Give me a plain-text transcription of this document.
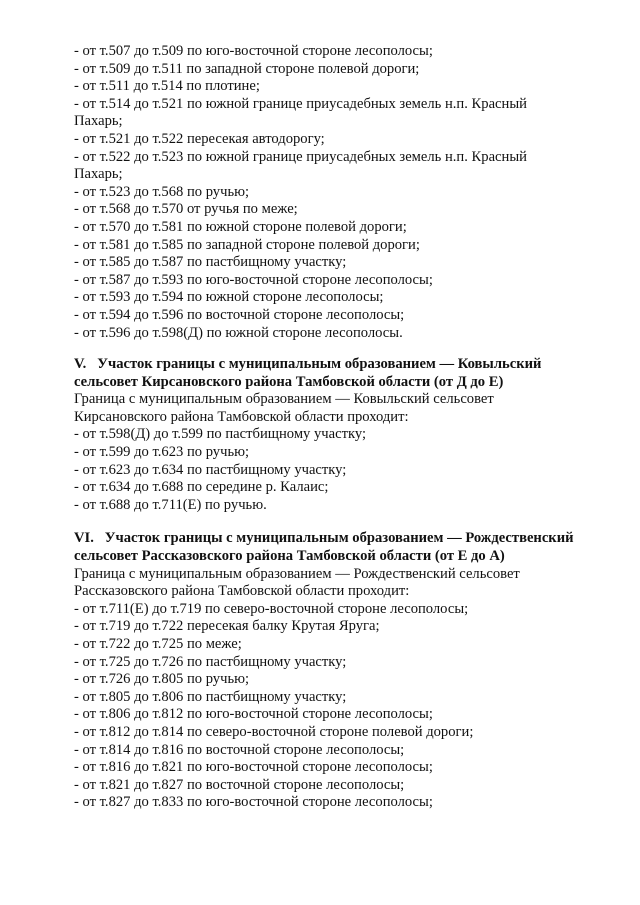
- от т.507 до т.509 по юго-восточной стороне лесополосы;
- от т.509 до т.511 по западной стороне полевой дороги;
- от т.511 до т.514 по плотине;
- от т.514 до т.521 по южной границе приусадебных земель н.п. Красный Пахарь;
- от т.521 до т.522 пересекая автодорогу;
- от т.522 до т.523 по южной границе приусадебных земель н.п. Красный Пахарь;
- от т.523 до т.568 по ручью;
- от т.568 до т.570 от ручья по меже;
- от т.570 до т.581 по южной стороне полевой дороги;
- от т.581 до т.585 по западной стороне полевой дороги;
- от т.585 до т.587 по пастбищному участку;
- от т.587 до т.593 по юго-восточной стороне лесополосы;
- от т.593 до т.594 по южной стороне лесополосы;
- от т.594 до т.596 по восточной стороне лесополосы;
- от т.596 до т.598(Д) по южной стороне лесополосы.
V.   Участок границы с муниципальным образованием — Ковыльский сельсовет Кирсановского района Тамбовской области (от Д до Е)
Граница с муниципальным образованием — Ковыльский сельсовет Кирсановского района Тамбовской области проходит:
- от т.598(Д) до т.599 по пастбищному участку;
- от т.599 до т.623 по ручью;
- от т.623 до т.634 по пастбищному участку;
- от т.634 до т.688 по середине р. Калаис;
- от т.688 до т.711(Е) по ручью.
VI.   Участок границы с муниципальным образованием — Рождественский сельсовет Рассказовского района Тамбовской области (от Е до А)
Граница с муниципальным образованием — Рождественский сельсовет Рассказовского района Тамбовской области проходит:
- от т.711(Е) до т.719 по северо-восточной стороне лесополосы;
- от т.719 до т.722 пересекая балку Крутая Яруга;
- от т.722 до т.725 по меже;
- от т.725 до т.726 по пастбищному участку;
- от т.726 до т.805 по ручью;
- от т.805 до т.806 по пастбищному участку;
- от т.806 до т.812 по юго-восточной стороне лесополосы;
- от т.812 до т.814 по северо-восточной стороне полевой дороги;
- от т.814 до т.816 по восточной стороне лесополосы;
- от т.816 до т.821 по юго-восточной стороне лесополосы;
- от т.821 до т.827 по восточной стороне лесополосы;
- от т.827 до т.833 по юго-восточной стороне лесополосы;
